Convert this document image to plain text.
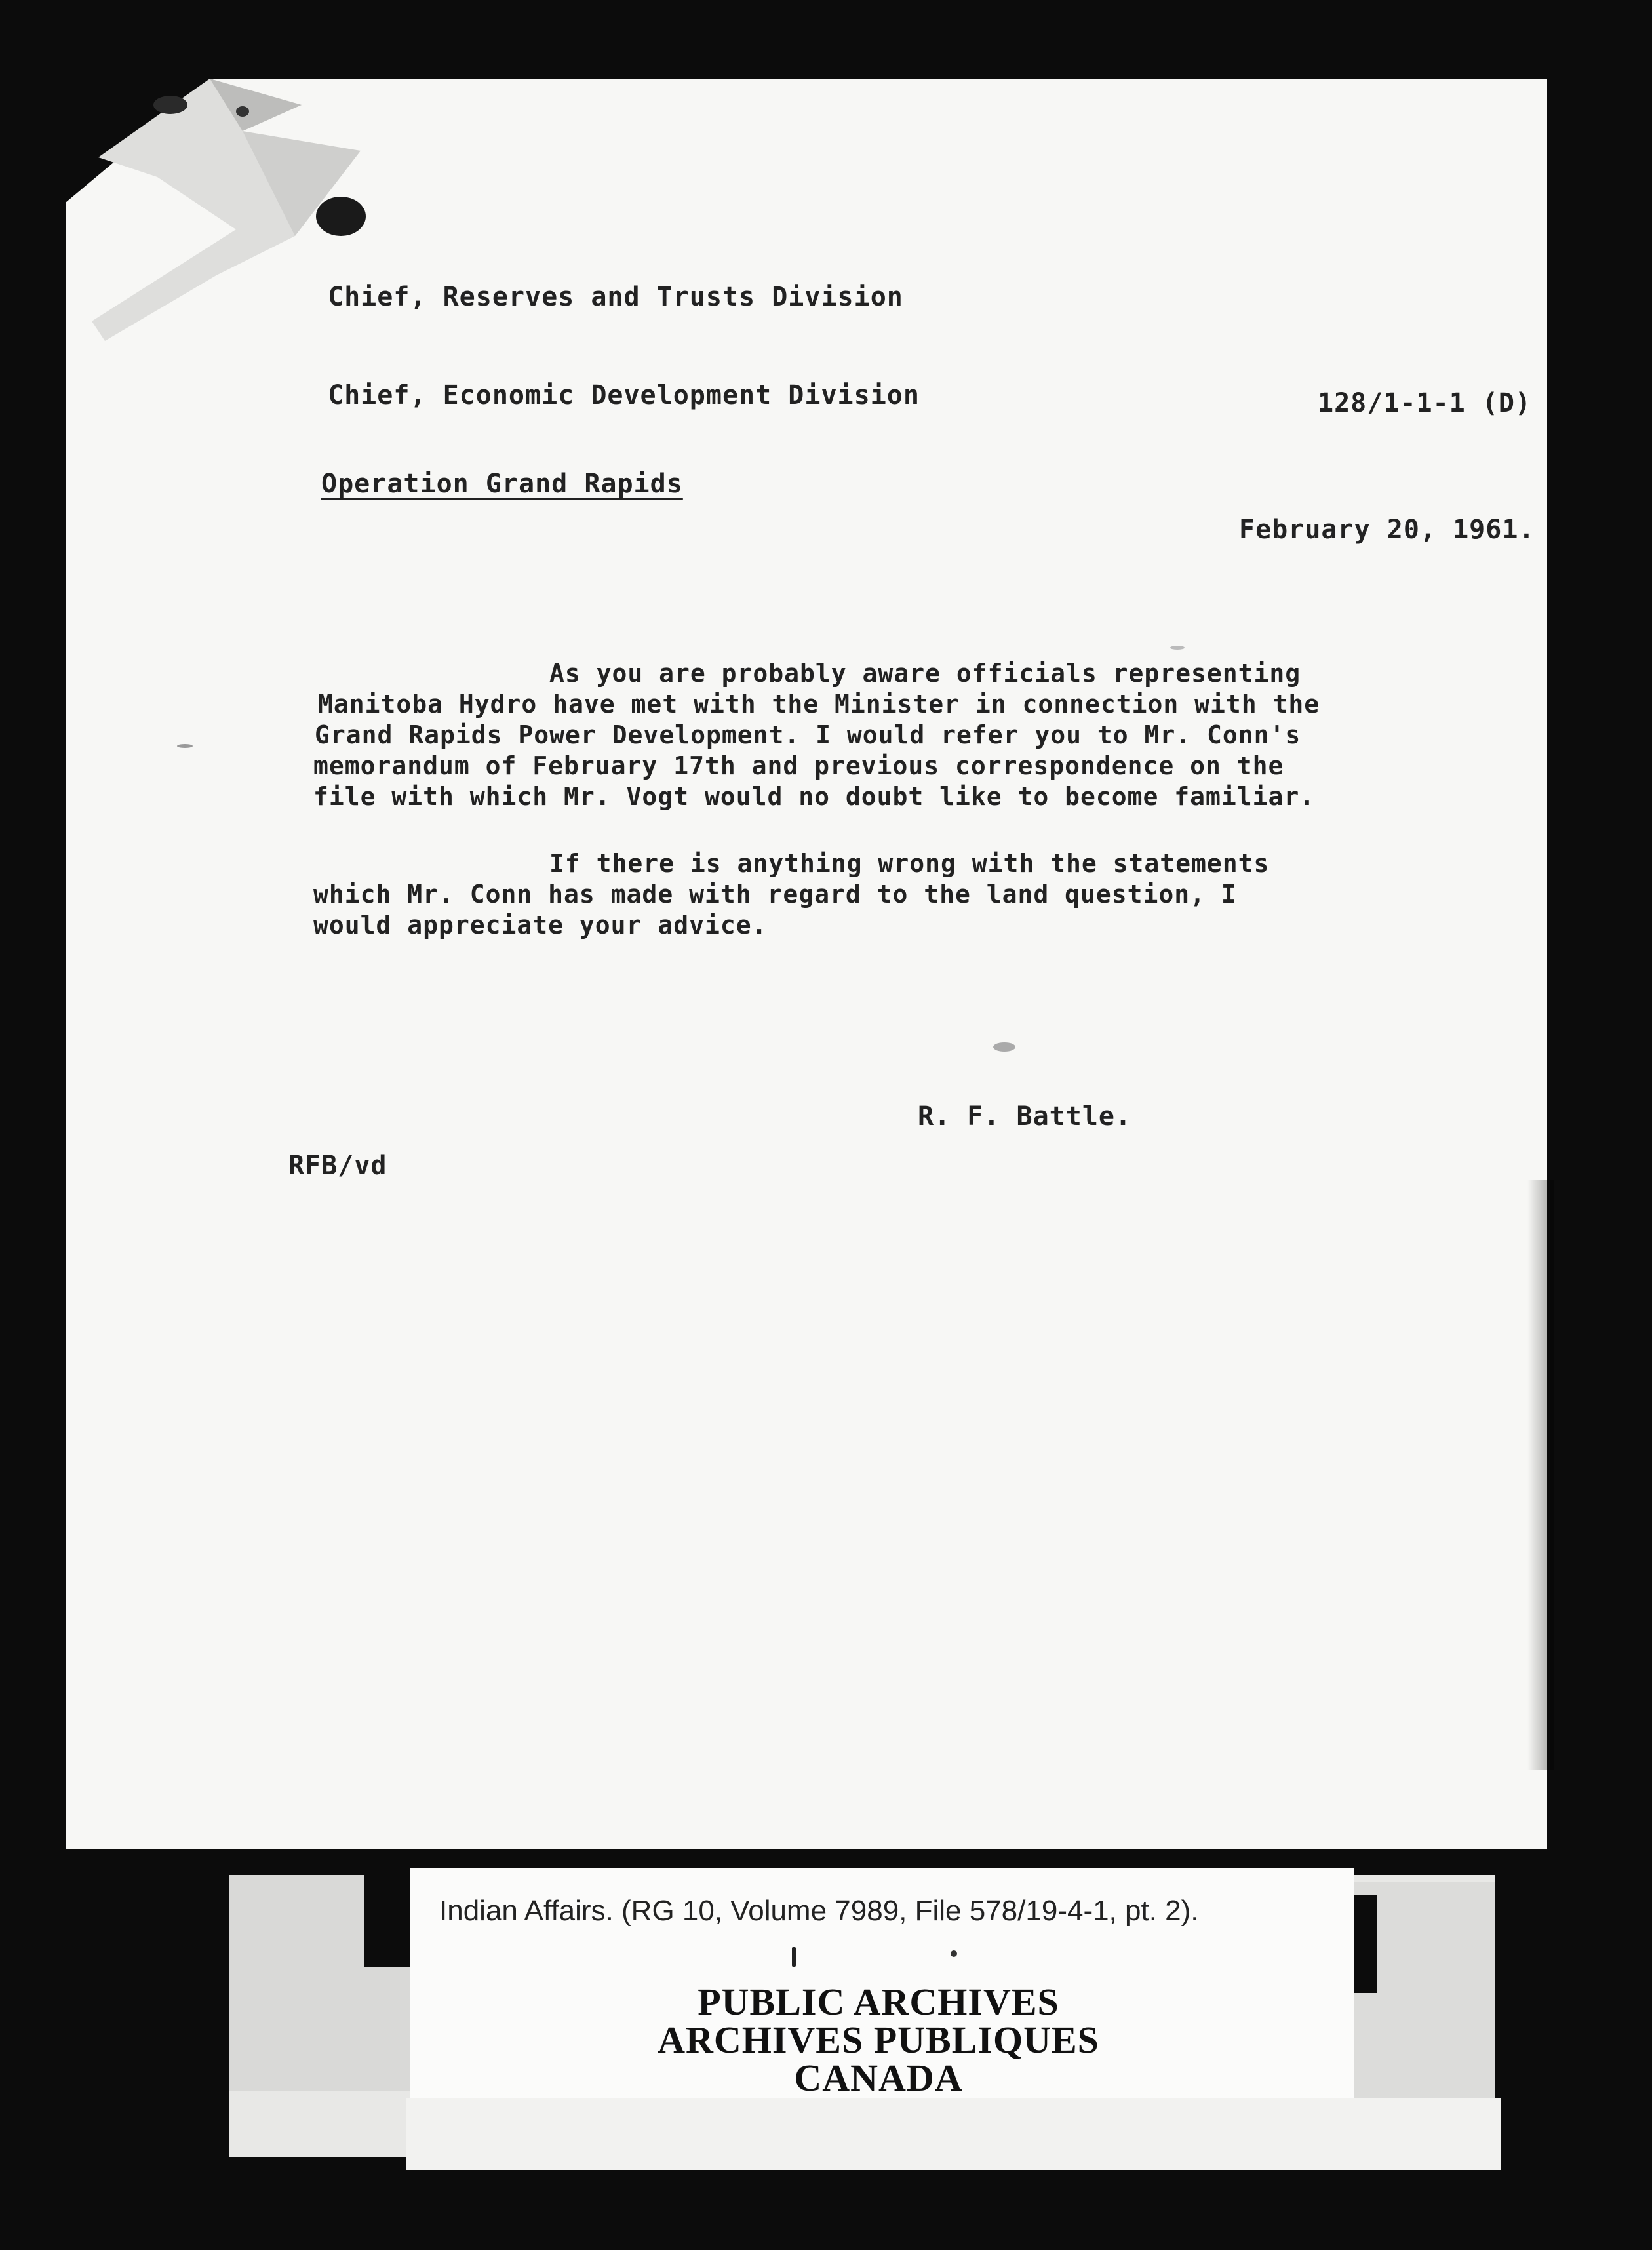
Chief, Reserves and Trusts Division
Chief, Economic Development Division	128/1-1-1 (D)
Operation Grand Rapids
February 20, 1961.
As you are probably aware officials representing
Manitoba Hydro have met with the Minister in connection with the
Grand Rapids Power Development. I would refer you to Mr. Conn's
memorandum of February 17th and previous correspondence on the
file with which Mr. Vogt would no doubt like to become familiar.
If there is anything wrong with the statements
which Mr. Conn has made with regard to the land question, I
would appreciate your advice.
R. F. Battle.
RFB/vd
Indian Affairs. (RG 10, Volume 7989, File 578/19-4-1, pt. 2).
PUBLIC ARCHIVES
ARCHIVES PUBLIQUES
CANADA
